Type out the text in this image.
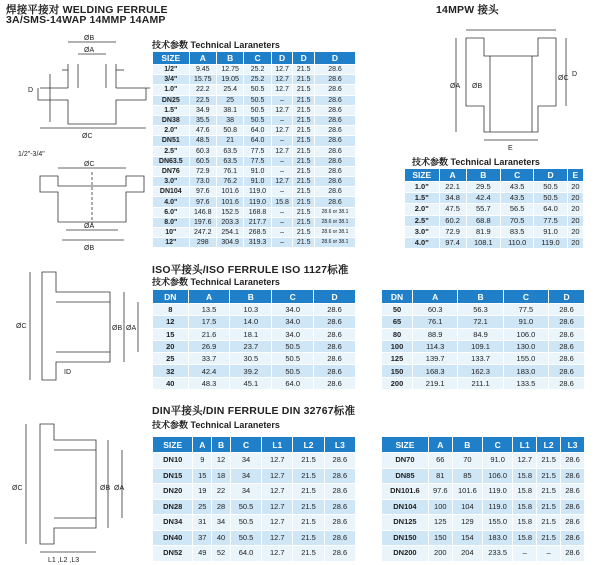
焊接平接对 WELDING FERRULE
3A/SMS-14WAP 14MMP 14AMP
技术参数 Technical Laraneters
ØB
ØA
D
ØC
1/2"-3/4"
ØC
ØA
ØB
SIZE	A	B	C	D	D	D
1/2"	9.45	12.75	25.2	12.7	21.5	28.6
3/4"	15.75	19.05	25.2	12.7	21.5	28.6
1.0"	22.2	25.4	50.5	12.7	21.5	28.6
DN25	22.5	25	50.5	–	21.5	28.6
1.5"	34.9	38.1	50.5	12.7	21.5	28.6
DN38	35.5	38	50.5	–	21.5	28.6
2.0"	47.6	50.8	64.0	12.7	21.5	28.6
DN51	48.5	21	64.0	–	21.5	28.6
2.5"	60.3	63.5	77.5	12.7	21.5	28.6
DN63.5	60.5	63.5	77.5	–	21.5	28.6
DN76	72.9	76.1	91.0	–	21.5	28.6
3.0"	73.0	76.2	91.0	12.7	21.5	28.6
DN104	97.6	101.6	119.0	–	21.5	28.6
4.0"	97.6	101.6	119.0	15.8	21.5	28.6
6.0"	146.8	152.5	168.8	–	21.5	28.6 or 38.1
8.0"	197.6	203.3	217.7	–	21.5	28.6 or 38.1
10"	247.2	254.1	268.5	–	21.5	28.6 or 38.1
12"	298	304.9	319.3	–	21.5	28.6 or 38.1
14MPW 接头
ØA ØB
ØC
D
E
技术参数 Technical Laraneters
SIZE	A	B	C	D	E
1.0"	22.1	29.5	43.5	50.5	20
1.5"	34.8	42.4	43.5	50.5	20
2.0"	47.5	55.7	56.5	64.0	20
2.5"	60.2	68.8	70.5	77.5	20
3.0"	72.9	81.9	83.5	91.0	20
4.0"	97.4	108.1	110.0	119.0	20
ISO平接头/ISO FERRULE ISO 1127标准
技术参数 Technical Laraneters
ØC	ØB ØA
ID
DN	A	B	C	D
8	13.5	10.3	34.0	28.6
12	17.5	14.0	34.0	28.6
15	21.6	18.1	34.0	28.6
20	26.9	23.7	50.5	28.6
25	33.7	30.5	50.5	28.6
32	42.4	39.2	50.5	28.6
40	48.3	45.1	64.0	28.6
DN	A	B	C	D
50	60.3	56.3	77.5	28.6
65	76.1	72.1	91.0	28.6
80	88.9	84.9	106.0	28.6
100	114.3	109.1	130.0	28.6
125	139.7	133.7	155.0	28.6
150	168.3	162.3	183.0	28.6
200	219.1	211.1	133.5	28.6
DIN平接头/DIN FERRULE DIN 32767标准
技术参数 Technical Laraneters
ØC	ØB ØA
L1 ,L2 ,L3
SIZE	A	B	C	L1	L2	L3
DN10	9	12	34	12.7	21.5	28.6
DN15	15	18	34	12.7	21.5	28.6
DN20	19	22	34	12.7	21.5	28.6
DN28	25	28	50.5	12.7	21.5	28.6
DN34	31	34	50.5	12.7	21.5	28.6
DN40	37	40	50.5	12.7	21.5	28.6
DN52	49	52	64.0	12.7	21.5	28.6
SIZE	A	B	C	L1	L2	L3
DN70	66	70	91.0	12.7	21.5	28.6
DN85	81	85	106.0	15.8	21.5	28.6
DN101.6	97.6	101.6	119.0	15.8	21.5	28.6
DN104	100	104	119.0	15.8	21.5	28.6
DN125	125	129	155.0	15.8	21.5	28.6
DN150	150	154	183.0	15.8	21.5	28.6
DN200	200	204	233.5	–	–	28.6
